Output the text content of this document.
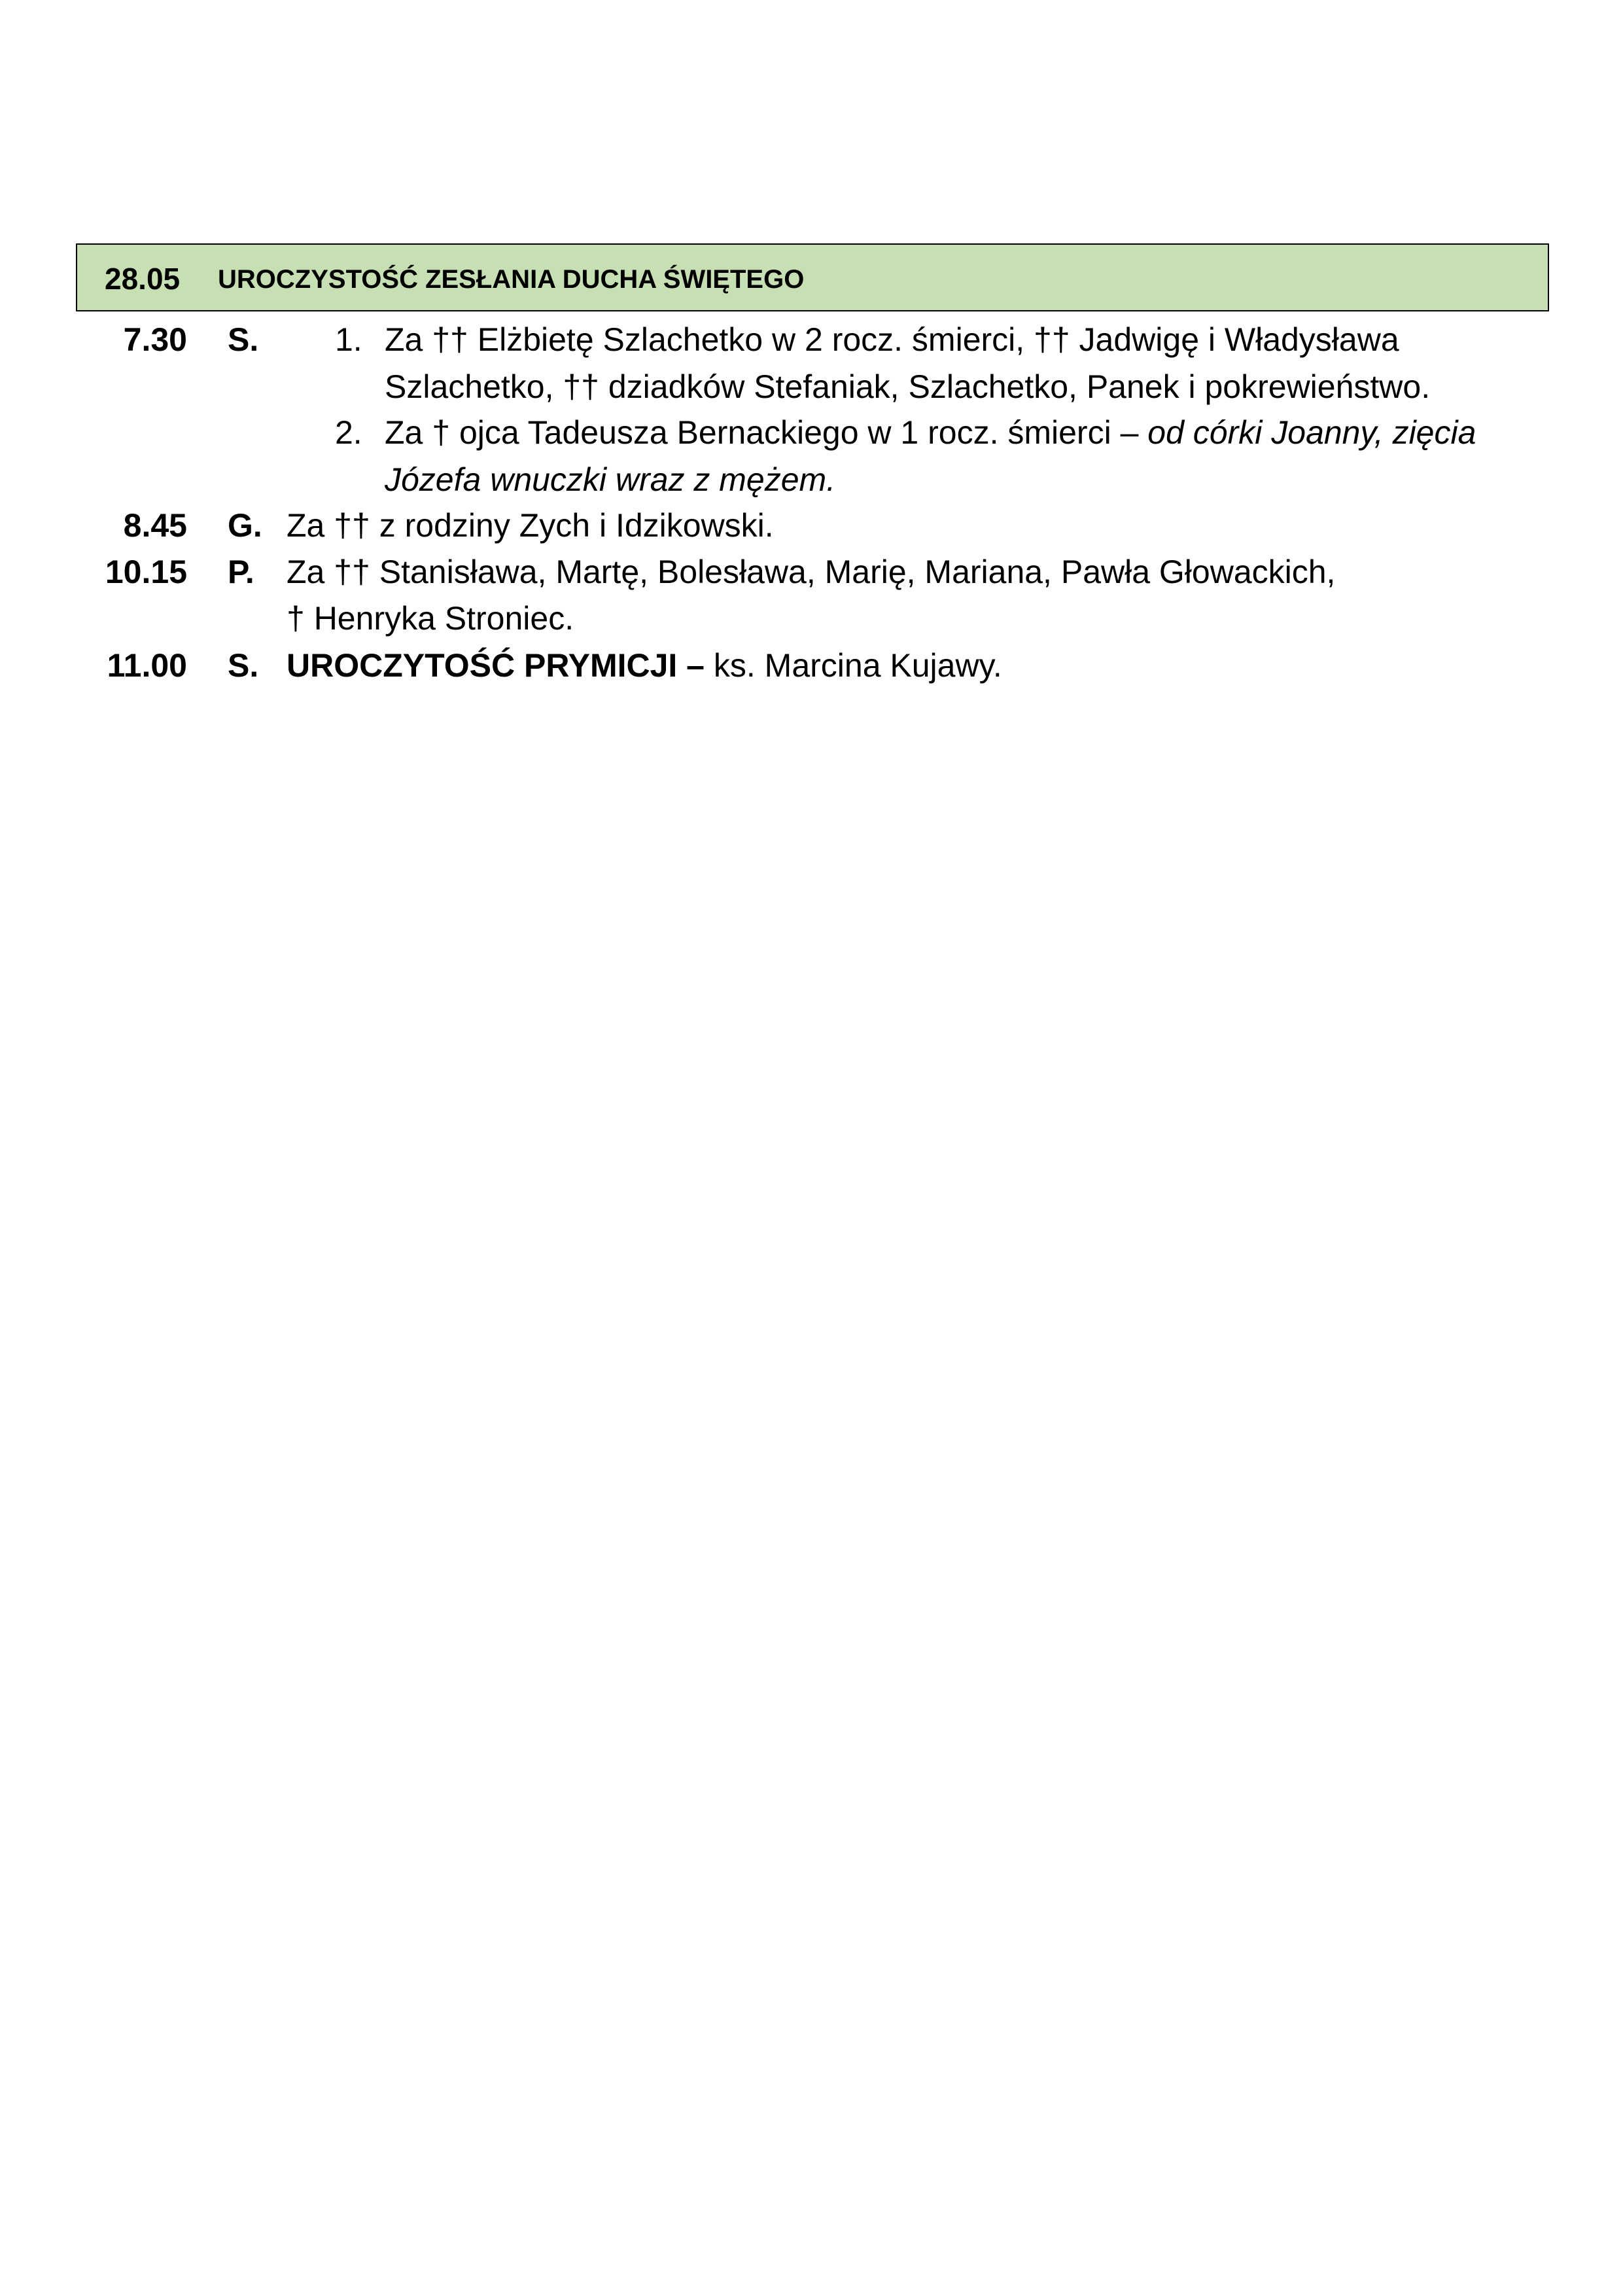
28.05 UROCZYSTOŚĆ ZESŁANIA DUCHA ŚWIĘTEGO
7.30 S. 1. Za †† Elżbietę Szlachetko w 2 rocz. śmierci, †† Jadwigę i Władysława
Szlachetko, †† dziadków Stefaniak, Szlachetko, Panek i pokrewieństwo.
2. Za † ojca Tadeusza Bernackiego w 1 rocz. śmierci – od córki Joanny, zięcia
Józefa wnuczki wraz z mężem.
8.45 G. Za †† z rodziny Zych i Idzikowski.
10.15 P. Za †† Stanisława, Martę, Bolesława, Marię, Mariana, Pawła Głowackich,
† Henryka Stroniec.
11.00 S. UROCZYTOŚĆ PRYMICJI – ks. Marcina Kujawy.
